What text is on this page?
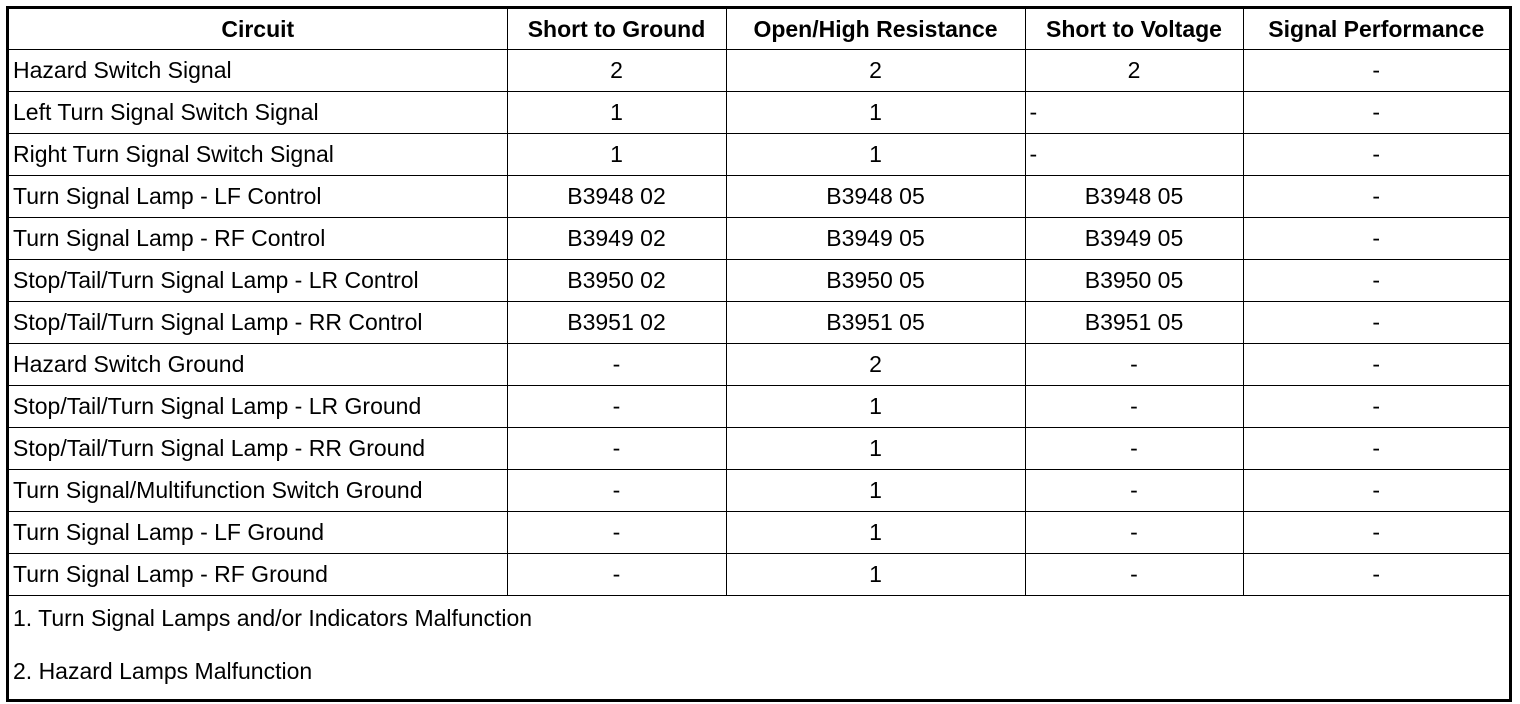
Circuit	Short to Ground	Open/High Resistance	Short to Voltage	Signal Performance
Hazard Switch Signal	2	2	2	-
Left Turn Signal Switch Signal	1	1	-	-
Right Turn Signal Switch Signal	1	1	-	-
Turn Signal Lamp - LF Control	B3948 02	B3948 05	B3948 05	-
Turn Signal Lamp - RF Control	B3949 02	B3949 05	B3949 05	-
Stop/Tail/Turn Signal Lamp - LR Control	B3950 02	B3950 05	B3950 05	-
Stop/Tail/Turn Signal Lamp - RR Control	B3951 02	B3951 05	B3951 05	-
Hazard Switch Ground	-	2	-	-
Stop/Tail/Turn Signal Lamp - LR Ground	-	1	-	-
Stop/Tail/Turn Signal Lamp - RR Ground	-	1	-	-
Turn Signal/Multifunction Switch Ground	-	1	-	-
Turn Signal Lamp - LF Ground	-	1	-	-
Turn Signal Lamp - RF Ground	-	1	-	-

1. Turn Signal Lamps and/or Indicators Malfunction
2. Hazard Lamps Malfunction				
